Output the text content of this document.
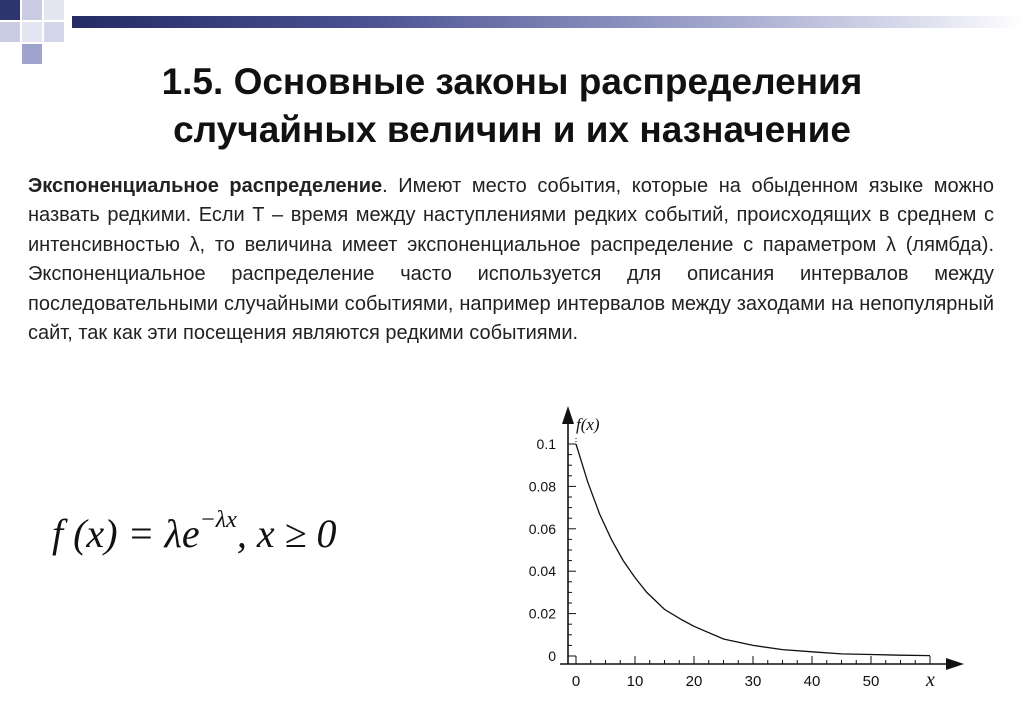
1.5. Основные законы распределения
случайных величин и их назначение
Экспоненциальное распределение. Имеют место события, которые на обыденном языке можно назвать редкими. Если Т – время между наступлениями редких событий, происходящих в среднем с интенсивностью λ, то величина имеет экспоненциальное распределение с параметром λ (лямбда). Экспоненциальное распределение часто используется для описания интервалов между последовательными случайными событиями, например интервалов между заходами на непопулярный сайт, так как эти посещения являются редкими событиями.
f $(x) = \lambda e^{-\lambda x}$, x ≥ 0
f(x)
x
0	10	20	30	40	50
0
0.02
0.04
0.06
0.08
0.1
